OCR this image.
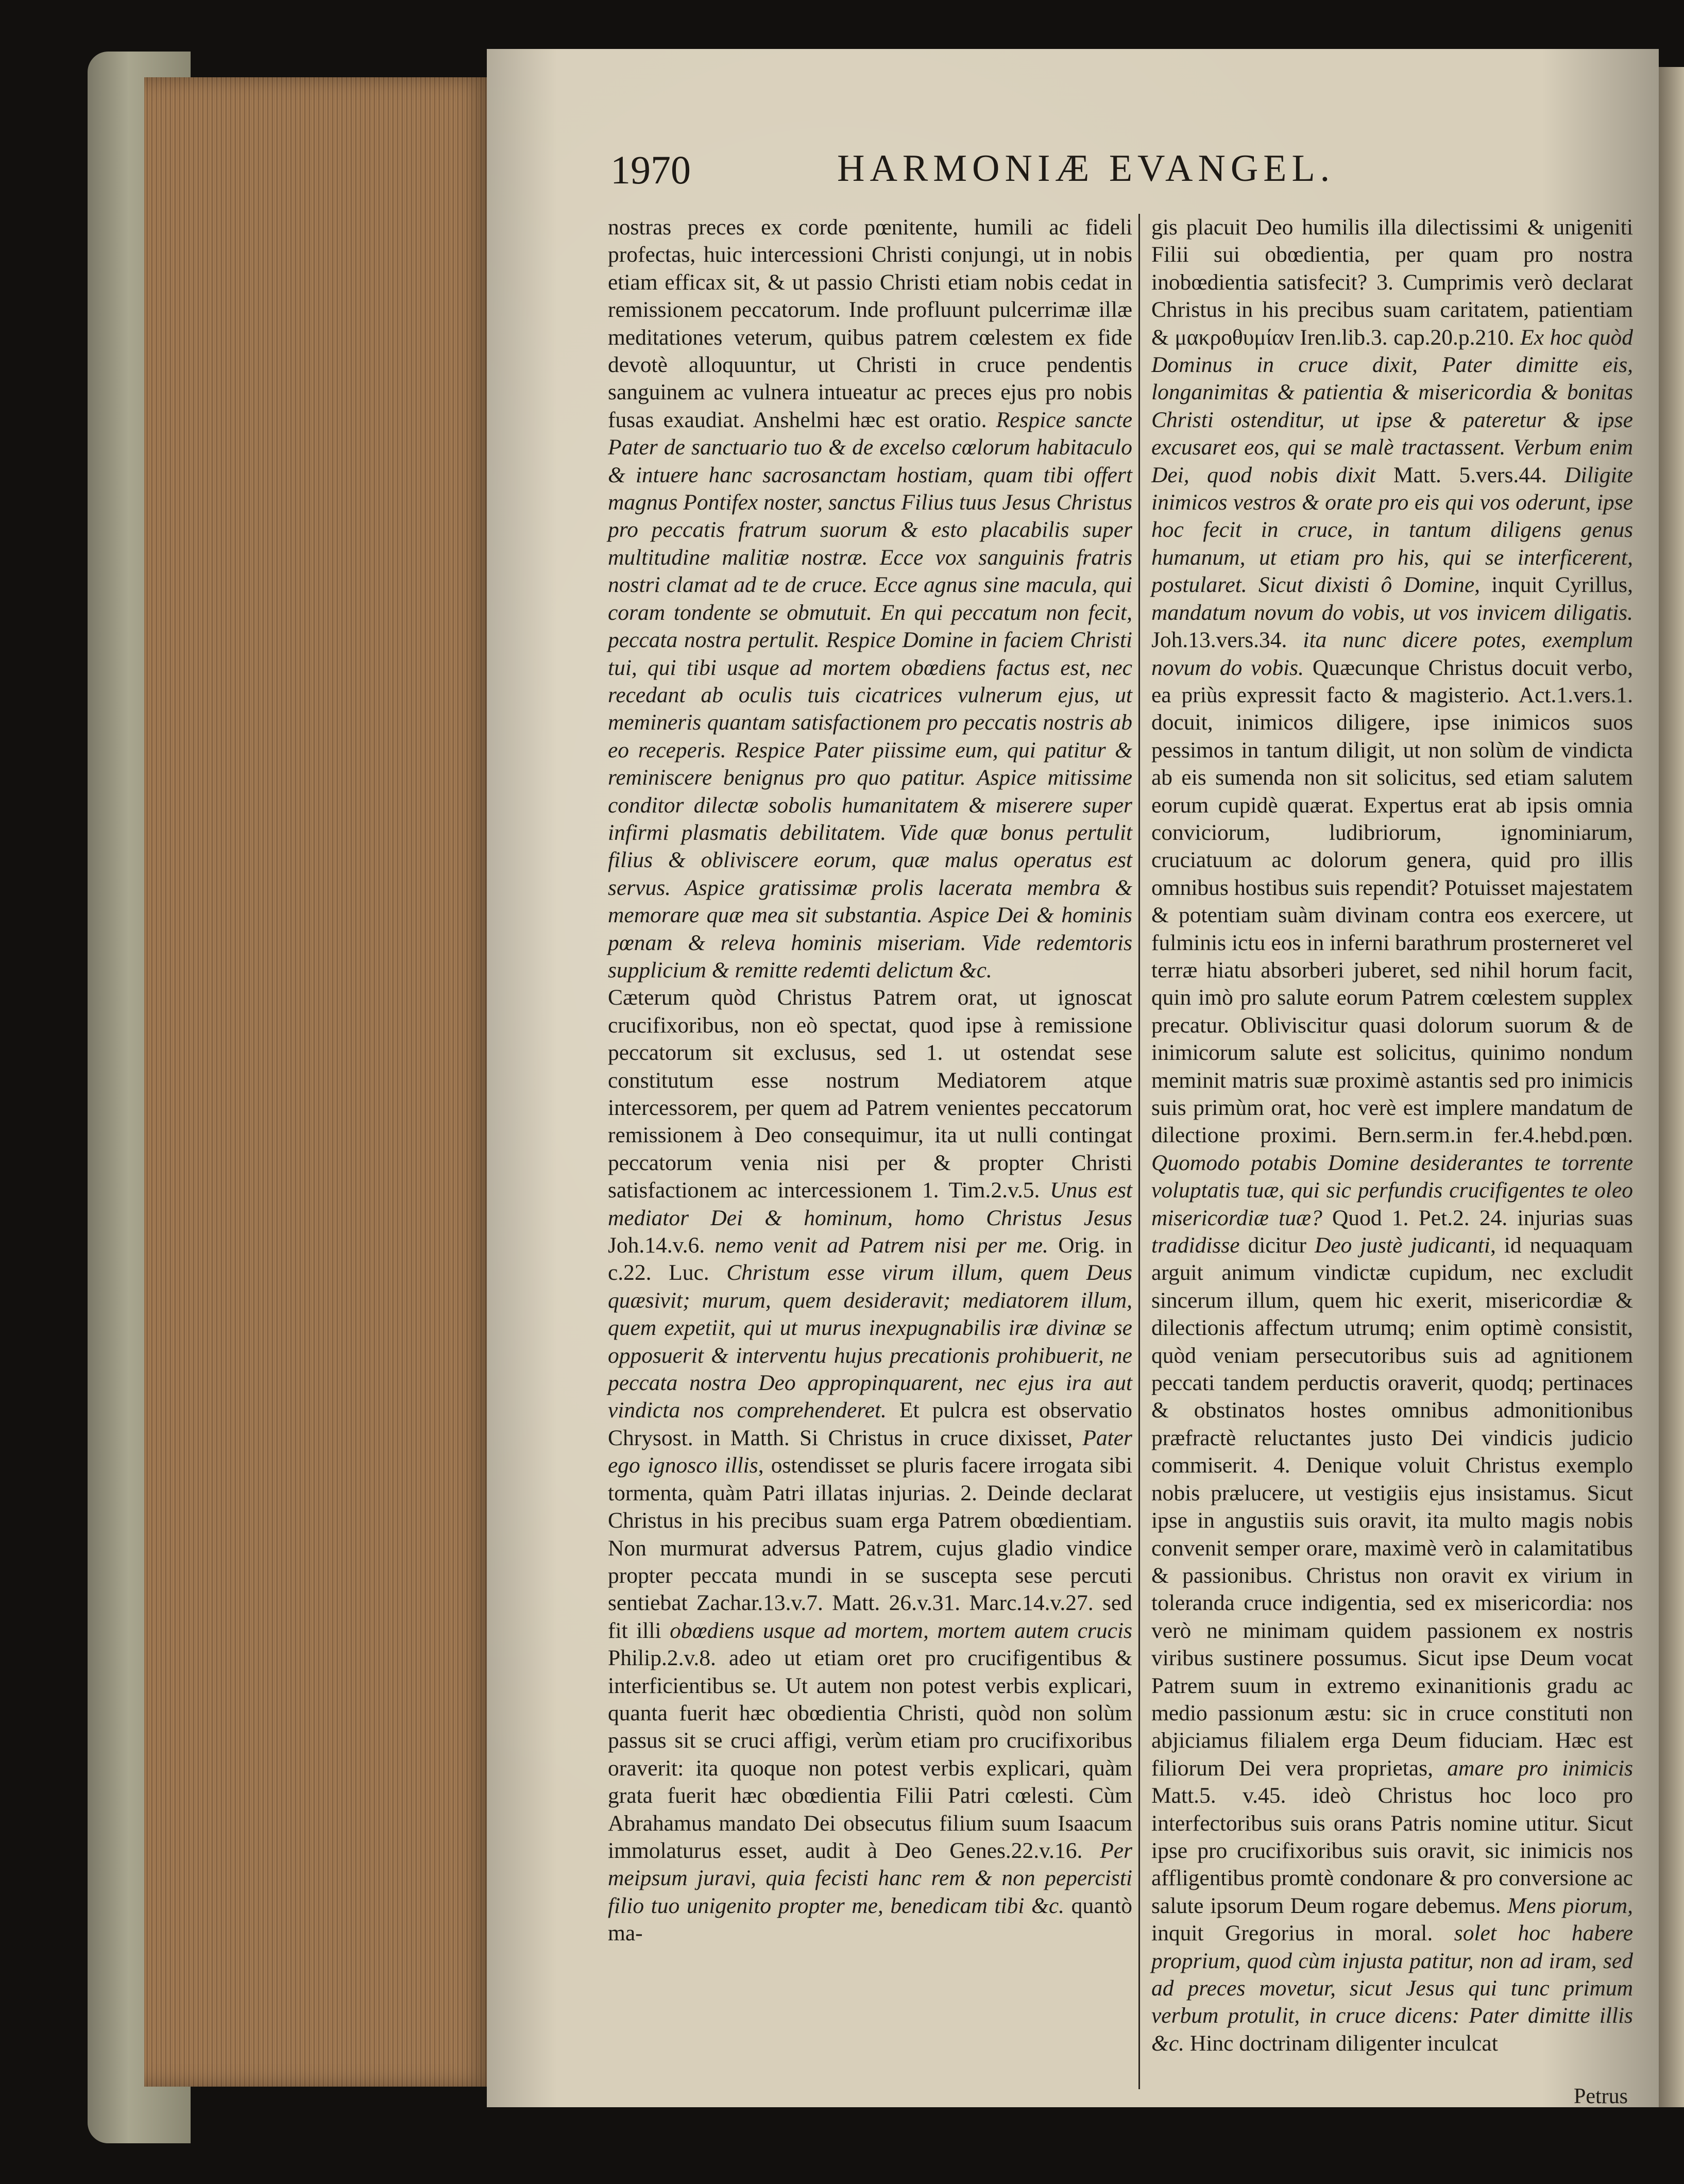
1970	HARMONIÆ EVANGEL.

nostras preces ex corde pœnitente, humili ac fideli profectas, huic intercessioni Christi conjungi, ut in nobis etiam efficax sit, & ut passio Christi etiam nobis cedat in remissionem peccatorum. Inde profluunt pulcerrimæ illæ meditationes veterum, quibus patrem cœlestem ex fide devotè alloquuntur, ut Christi in cruce pendentis sanguinem ac vulnera intueatur ac preces ejus pro nobis fusas exaudiat. Anshelmi hæc est oratio. Respice sancte Pater de sanctuario tuo & de excelso cœlorum habitaculo & intuere hanc sacrosanctam hostiam, quam tibi offert magnus Pontifex noster, sanctus Filius tuus Jesus Christus pro peccatis fratrum suorum & esto placabilis super multitudine malitiæ nostræ. Ecce vox sanguinis fratris nostri clamat ad te de cruce. Ecce agnus sine macula, qui coram tondente se obmutuit. En qui peccatum non fecit, peccata nostra pertulit. Respice Domine in faciem Christi tui, qui tibi usque ad mortem obœdiens factus est, nec recedant ab oculis tuis cicatrices vulnerum ejus, ut memineris quantam satisfactionem pro peccatis nostris ab eo receperis. Respice Pater piissime eum, qui patitur & reminiscere benignus pro quo patitur. Aspice mitissime conditor dilectæ sobolis humanitatem & miserere super infirmi plasmatis debilitatem. Vide quæ bonus pertulit filius & obliviscere eorum, quæ malus operatus est servus. Aspice gratissimæ prolis lacerata membra & memorare quæ mea sit substantia. Aspice Dei & hominis pœnam & releva hominis miseriam. Vide redemtoris supplicium & remitte redemti delictum &c.

Cæterum quòd Christus Patrem orat, ut ignoscat crucifixoribus, non eò spectat, quod ipse à remissione peccatorum sit exclusus, sed 1. ut ostendat sese constitutum esse nostrum Mediatorem atque intercessorem, per quem ad Patrem venientes peccatorum remissionem à Deo consequimur, ita ut nulli contingat peccatorum venia nisi per & propter Christi satisfactionem ac intercessionem 1. Tim.2.v.5. Unus est mediator Dei & hominum, homo Christus Jesus Joh.14.v.6. nemo venit ad Patrem nisi per me. Orig. in c.22. Luc. Christum esse virum illum, quem Deus quæsivit; murum, quem desideravit; mediatorem illum, quem expetiit, qui ut murus inexpugnabilis iræ divinæ se opposuerit & interventu hujus precationis prohibuerit, ne peccata nostra Deo appropinquarent, nec ejus ira aut vindicta nos comprehenderet. Et pulcra est observatio Chrysost. in Matth. Si Christus in cruce dixisset, Pater ego ignosco illis, ostendisset se pluris facere irrogata sibi tormenta, quàm Patri illatas injurias. 2. Deinde declarat Christus in his precibus suam erga Patrem obœdientiam. Non murmurat adversus Patrem, cujus gladio vindice propter peccata mundi in se suscepta sese percuti sentiebat Zachar.13.v.7. Matt. 26.v.31. Marc.14.v.27. sed fit illi obœdiens usque ad mortem, mortem autem crucis Philip.2.v.8. adeo ut etiam oret pro crucifigentibus & interficientibus se. Ut autem non potest verbis explicari, quanta fuerit hæc obœdientia Christi, quòd non solùm passus sit se cruci affigi, verùm etiam pro crucifixoribus oraverit: ita quoque non potest verbis explicari, quàm grata fuerit hæc obœdientia Filii Patri cœlesti. Cùm Abrahamus mandato Dei obsecutus filium suum Isaacum immolaturus esset, audit à Deo Genes.22.v.16. Per meipsum juravi, quia fecisti hanc rem & non pepercisti filio tuo unigenito propter me, benedicam tibi &c. quantò ma-

gis placuit Deo humilis illa dilectissimi & unigeniti Filii sui obœdientia, per quam pro nostra inobœdientia satisfecit? 3. Cumprimis verò declarat Christus in his precibus suam caritatem, patientiam & μακροθυμίαν Iren.lib.3. cap.20.p.210. Ex hoc quòd Dominus in cruce dixit, Pater dimitte eis, longanimitas & patientia & misericordia & bonitas Christi ostenditur, ut ipse & pateretur & ipse excusaret eos, qui se malè tractassent. Verbum enim Dei, quod nobis dixit Matt. 5.vers.44. Diligite inimicos vestros & orate pro eis qui vos oderunt, ipse hoc fecit in cruce, in tantum diligens genus humanum, ut etiam pro his, qui se interficerent, postularet. Sicut dixisti ô Domine, inquit Cyrillus, mandatum novum do vobis, ut vos invicem diligatis. Joh.13.vers.34. ita nunc dicere potes, exemplum novum do vobis. Quæcunque Christus docuit verbo, ea priùs expressit facto & magisterio. Act.1.vers.1. docuit, inimicos diligere, ipse inimicos suos pessimos in tantum diligit, ut non solùm de vindicta ab eis sumenda non sit solicitus, sed etiam salutem eorum cupidè quærat. Expertus erat ab ipsis omnia conviciorum, ludibriorum, ignominiarum, cruciatuum ac dolorum genera, quid pro illis omnibus hostibus suis rependit? Potuisset majestatem & potentiam suàm divinam contra eos exercere, ut fulminis ictu eos in inferni barathrum prosterneret vel terræ hiatu absorberi juberet, sed nihil horum facit, quin imò pro salute eorum Patrem cœlestem supplex precatur. Obliviscitur quasi dolorum suorum & de inimicorum salute est solicitus, quinimo nondum meminit matris suæ proximè astantis sed pro inimicis suis primùm orat, hoc verè est implere mandatum de dilectione proximi. Bern.serm.in fer.4.hebd.pœn. Quomodo potabis Domine desiderantes te torrente voluptatis tuæ, qui sic perfundis crucifigentes te oleo misericordiæ tuæ? Quod 1. Pet.2. 24. injurias suas tradidisse dicitur Deo justè judicanti, id nequaquam arguit animum vindictæ cupidum, nec excludit sincerum illum, quem hic exerit, misericordiæ & dilectionis affectum utrumq; enim optimè consistit, quòd veniam persecutoribus suis ad agnitionem peccati tandem perductis oraverit, quodq; pertinaces & obstinatos hostes omnibus admonitionibus præfractè reluctantes justo Dei vindicis judicio commiserit. 4. Denique voluit Christus exemplo nobis prælucere, ut vestigiis ejus insistamus. Sicut ipse in angustiis suis oravit, ita multo magis nobis convenit semper orare, maximè verò in calamitatibus & passionibus. Christus non oravit ex virium in toleranda cruce indigentia, sed ex misericordia: nos verò ne minimam quidem passionem ex nostris viribus sustinere possumus. Sicut ipse Deum vocat Patrem suum in extremo exinanitionis gradu ac medio passionum æstu: sic in cruce constituti non abjiciamus filialem erga Deum fiduciam. Hæc est filiorum Dei vera proprietas, amare pro inimicis Matt.5. v.45. ideò Christus hoc loco pro interfectoribus suis orans Patris nomine utitur. Sicut ipse pro crucifixoribus suis oravit, sic inimicis nos affligentibus promtè condonare & pro conversione ac salute ipsorum Deum rogare debemus. Mens piorum, inquit Gregorius in moral. solet hoc habere proprium, quod cùm injusta patitur, non ad iram, sed ad preces movetur, sicut Jesus qui tunc primum verbum protulit, in cruce dicens: Pater dimitte illis &c. Hinc doctrinam diligenter inculcat

Petrus
